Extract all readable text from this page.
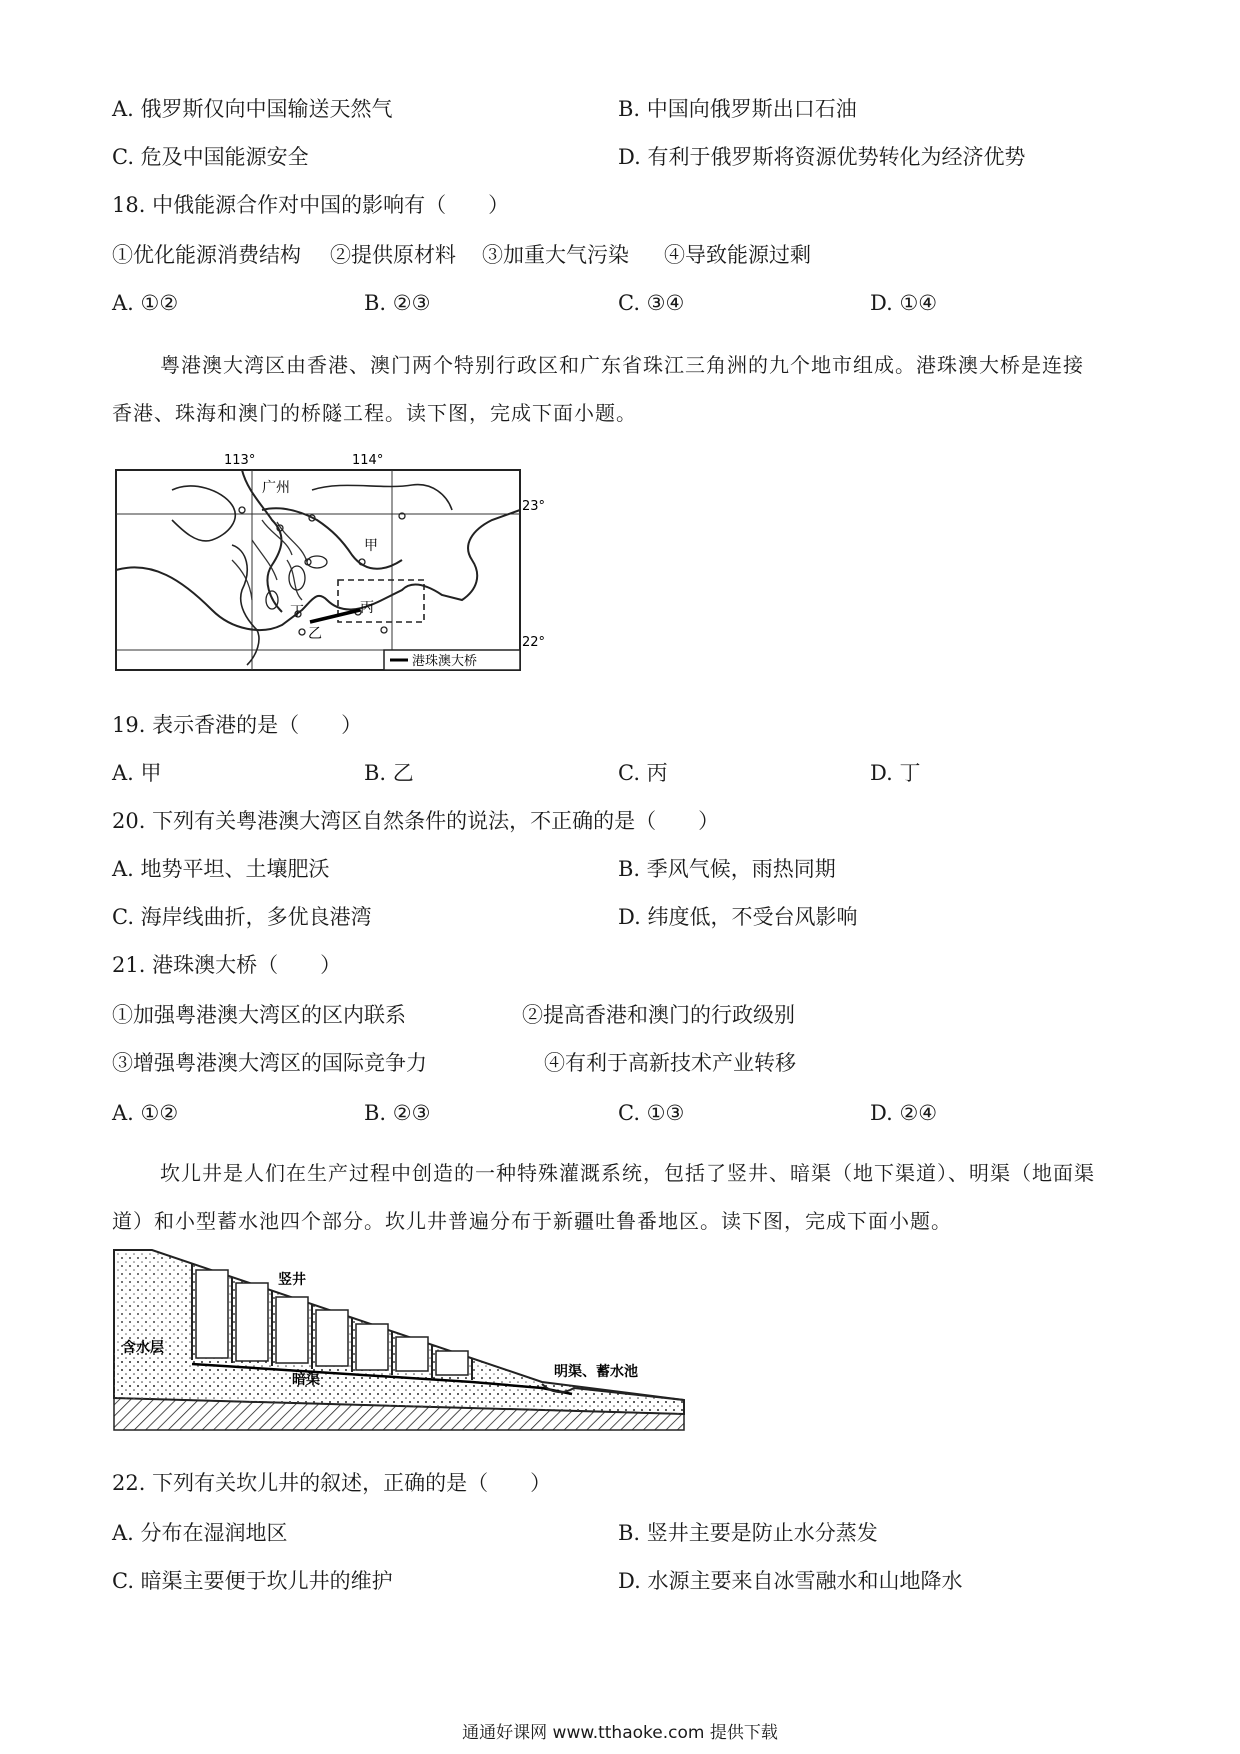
A. 俄罗斯仅向中国输送天然气	B. 中国向俄罗斯出口石油
C. 危及中国能源安全	D. 有利于俄罗斯将资源优势转化为经济优势
18. 中俄能源合作对中国的影响有（　　）
①优化能源消费结构 ②提供原材料 ③加重大气污染 ④导致能源过剩
A. ①②	B. ②③	C. ③④	D. ①④
粤港澳大湾区由香港、澳门两个特别行政区和广东省珠江三角洲的九个地市组成。港珠澳大桥是连接
香港、珠海和澳门的桥隧工程。读下图，完成下面小题。
113°	114°
23°
22°
广州
甲
乙
丙
丁
港珠澳大桥
19. 表示香港的是（　　）
A. 甲	B. 乙	C. 丙	D. 丁
20. 下列有关粤港澳大湾区自然条件的说法，不正确的是（　　）
A. 地势平坦、土壤肥沃	B. 季风气候，雨热同期
C. 海岸线曲折，多优良港湾	D. 纬度低，不受台风影响
21. 港珠澳大桥（　　）
①加强粤港澳大湾区的区内联系	②提高香港和澳门的行政级别
③增强粤港澳大湾区的国际竞争力	④有利于高新技术产业转移
A. ①②	B. ②③	C. ①③	D. ②④
坎儿井是人们在生产过程中创造的一种特殊灌溉系统，包括了竖井、暗渠（地下渠道）、明渠（地面渠
道）和小型蓄水池四个部分。坎儿井普遍分布于新疆吐鲁番地区。读下图，完成下面小题。
竖井
含水层
暗渠	明渠、蓄水池
22. 下列有关坎儿井的叙述，正确的是（　　）
A. 分布在湿润地区	B. 竖井主要是防止水分蒸发
C. 暗渠主要便于坎儿井的维护	D. 水源主要来自冰雪融水和山地降水
通通好课网 www.tthaoke.com 提供下载
